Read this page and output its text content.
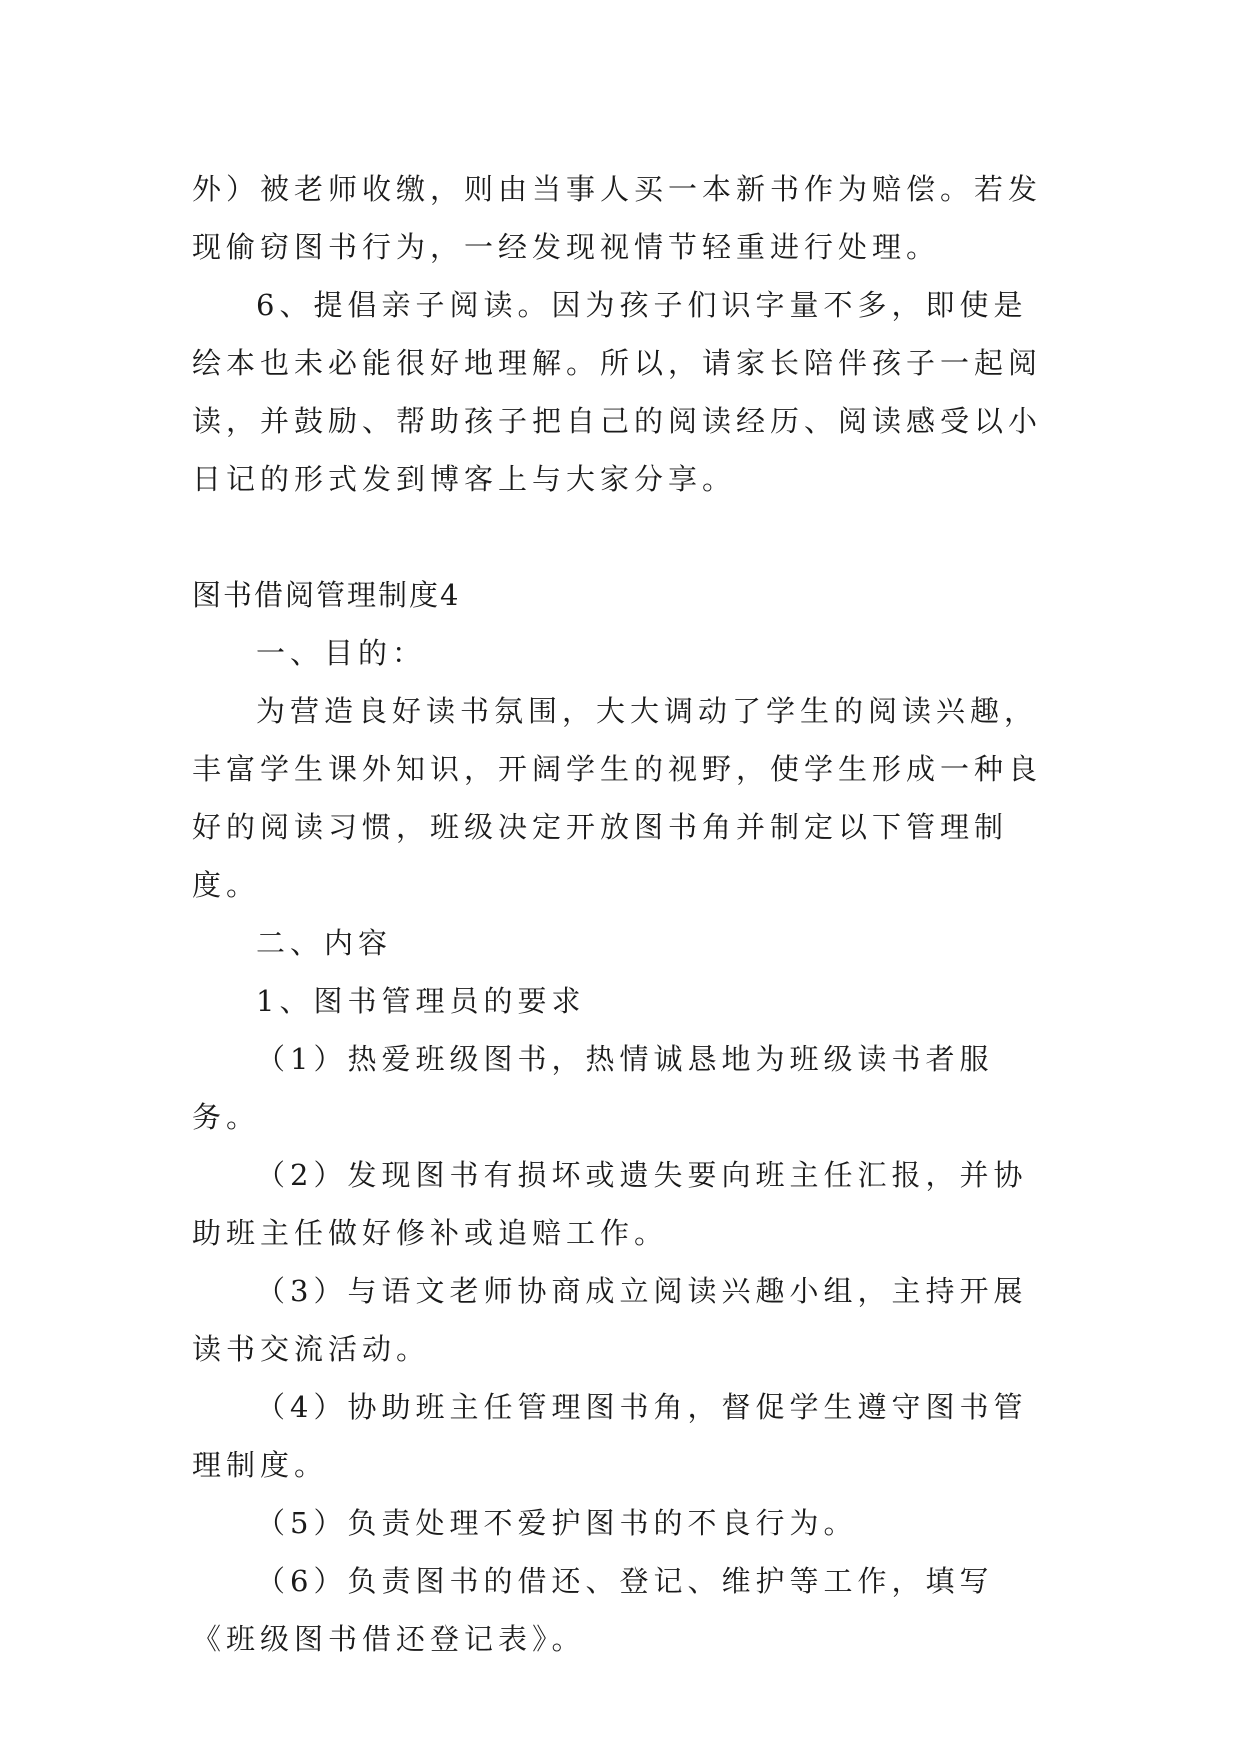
外）被老师收缴，则由当事人买一本新书作为赔偿。若发现偷窃图书行为，一经发现视情节轻重进行处理。

6、提倡亲子阅读。因为孩子们识字量不多，即使是绘本也未必能很好地理解。所以，请家长陪伴孩子一起阅读，并鼓励、帮助孩子把自己的阅读经历、阅读感受以小日记的形式发到博客上与大家分享。

图书借阅管理制度4

一、目的：

为营造良好读书氛围，大大调动了学生的阅读兴趣，丰富学生课外知识，开阔学生的视野，使学生形成一种良好的阅读习惯，班级决定开放图书角并制定以下管理制度。

二、内容

1、图书管理员的要求

（1）热爱班级图书，热情诚恳地为班级读书者服务。

（2）发现图书有损坏或遗失要向班主任汇报，并协助班主任做好修补或追赔工作。

（3）与语文老师协商成立阅读兴趣小组，主持开展读书交流活动。

（4）协助班主任管理图书角，督促学生遵守图书管理制度。

（5）负责处理不爱护图书的不良行为。

（6）负责图书的借还、登记、维护等工作，填写《班级图书借还登记表》。
